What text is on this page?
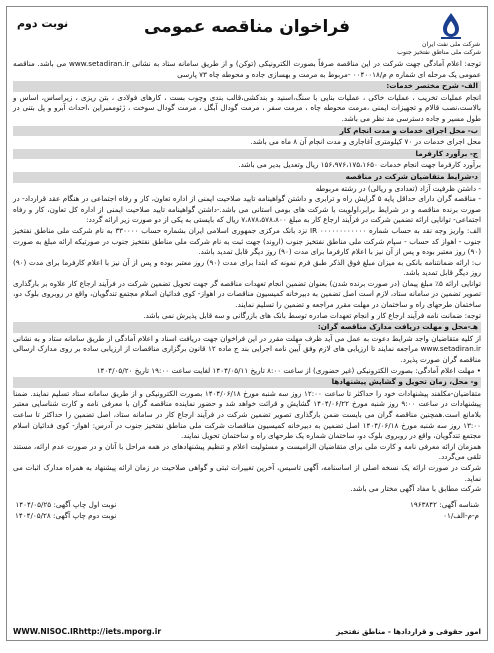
شرکت ملی نفت ایران
شرکت ملی مناطق نفتخیز جنوب
فراخوان مناقصه عمومی
نوبت دوم

توجه: اعلام آمادگی جهت شرکت در این مناقصه صرفاً بصورت الکترونیکی (توکن) و از طریق سامانه ستاد به نشانی www.setadiran.ir می باشد. مناقصه عمومی یک مرحله ای شماره م م/۰۰۴۰۰۱۸ -مربوط به مرمت و بهسازی جاده و محوطه چاه ۷۳ پارسی

الف- شرح مختصر خدمات:

انجام عملیات تخریب ، عملیات خاکی ، عملیات بنایی با سنگ،اسنید و بندکشی،قالب بندی وچوب بست ، کارهای فولادی ، بتن ریزی ، زیراساس، اساس و بالاست،نصب قالام و تجهیزات ایمنی ،مرمت محوطه چاه ، مرمت سفر ، مرمت گودال آبگل ، مرمت گودال سوخت ، ژئوممبراین ،احداث آبرو و پل بتنی در طول مسیر و جاده دسترسی مد نظر می باشد.

ب- محل اجرای خدمات و مدت انجام کار

محل اجرای خدمات در ۷۰ کیلومتری آغاجاری و مدت انجام آن ۸ ماه می باشد.

ج- برآورد کارفرما

برآورد کارفرما جهت انجام خدمات ۱۵۶،۹۷۶،۱۷۵،۱۶۵۰ ریال وتعدیل بدیر می باشد.

د-شرایط متقاضیان شرکت در مناقصه

- داشتن ظرفیت آزاد (تعدادی و ریالی) در رشته مربوطه

- مناقصه گران دارای حداقل پایه ۵ گرایش راه و ترابری و داشتن گواهینامه تایید صلاحیت ایمنی از اداره تعاون، کار و رفاه اجتماعی در هنگام عقد قرارداد- در صورت برنده مناقصه و در شرایط برابر،اولویت با شرکت های بومی استانی می باشد.-داشتن گواهینامه تایید صلاحیت ایمنی از اداره کل تعاون، کار و رفاه اجتماعی- توانایی ارائه تضمین شرکت در فرآیند ارجاع کار به مبلغ ۷،۸۷۸،۵۷۸،۸۰۰ ریال که بایستی به یکی از دو صورت زیر ارائه گردد:

الف: واریز وجه نقد به حساب شماره ۰۰۰۰۰۰۰۰۰۰۰۰ IR نزد بانک مرکزی جمهوری اسلامی ایران بشماره حساب ۳۳۰۰۰۰ به نام شرکت ملی مناطق نفتخیز جنوب - اهواز کد حساب - سپام شرکت ملی مناطق نفتخیز جنوب (اروند) جهت ثبت به نام شرکت ملی مناطق نفتخیز جنوب در صورتیکه ارائه مبلغ به صورت (۹۰) روز معتبر بوده و پس از آن نیز با اعلام کارفرما برای مدت (۹۰) روز دیگر قابل تمدید باشد.

ب: ارائه ضمانتنامه بانکی به میزان مبلغ فوق الذکر طبق فرم نمونه که ابتدا برای مدت (۹۰) روز معتبر بوده و پس از آن نیز با اعلام کارفرما برای مدت (۹۰) روز دیگر قابل تمدید باشد.

توانایی ارائه ۵٪ مبلغ پیمان (در صورت برنده شدن) بعنوان تضمین انجام تعهدات مناقصه گر جهت تحویل تضمین شرکت در فرآیند ارجاع کار علاوه بر بارگذاری تصویر تضمین در سامانه ستاد، لازم است اصل تضمین به دبیرخانه کمیسیون مناقصات در اهواز- کوی فدائیان اسلام مجتمع تندگویان، واقع در روبروی بلوک دو، ساختمان طرحهای راه و ساختمان در مهلت مقرر مراجعه و تضمین را تسلیم نمایند.

توجه: ضمانت نامه فرآیند ارجاع کار و انجام تعهدات صادره توسط بانک های بازرگانی و سه قابل پذیرش نمی باشد.

هـ-محل و مهلت دریافت مدارک مناقصه گران:

از کلیه متقاضیان واجد شرایط دعوت به عمل می آید ظرف مهلت مقرر در این فراخوان جهت دریافت اسناد و اعلام آمادگی از طریق سامانه ستاد و به نشانی www.setadiran.ir مراجعه نمایند تا ارزیابی های لازم وفق آیین نامه اجرایی بند ج ماده ۱۲ قانون برگزاری مناقصات از ارزیابی ساده بر روی مدارک ارسالی مناقصه گران صورت پذیرد.

• مهلت اعلام آمادگی: بصورت الکترونیکی (غیر حضوری) از ساعت ۸:۰۰ تاریخ ۱۴۰۴/۰۵/۱۱ لغایت ساعت ۱۹:۰۰ تاریخ ۱۴۰۴/۰۵/۲۰

و- محل، زمان تحویل و گشایش پیشنهادها

متقاضیان-مکلفند پیشنهادات خود را حداکثر تا ساعت ۱۲:۰۰ روز سه شنبه مورخ ۱۴۰۴/۰۶/۱۸ بصورت الکترونیکی و از طریق سامانه ستاد تسلیم نمایند. ضمنا پیشنهادات در ساعت ۹:۰۰ روز شنبه مورخ ۱۴۰۴/۰۶/۲۲ گشایش و قرائت خواهد شد و حضور نماینده مناقصه گران با معرفی نامه و کارت شناسایی معتبر بلامانع است.همچنین مناقصه گران می بایست ضمن بارگذاری تصویر تضمین شرکت در فرآیند ارجاع کار در سامانه ستاد، اصل تضمین را حداکثر تا ساعت ۱۳:۰۰ روز سه شنبه مورخ ۱۴۰۴/۰۶/۱۸ اصل تضمین به دبیرخانه کمیسیون مناقصات شرکت ملی مناطق نفتخیز جنوب در آدرس: اهواز- کوی فدائیان اسلام مجتمع تندگویان، واقع در روبروی بلوک دو، ساختمان شماره یک طرحهای راه و ساختمان تحویل نمایند.

همزمان ارائه معرفی نامه و کارت ملی برای متقاضیان الزامیست و مسئولیت اعلام و تنظیم پیشنهادهای در همه مراحل با آنان و در صورت عدم ارائه، مستند تلقی می‌گردد.

شرکت در صورت ارائه یک نسخه اصلی از اساسنامه، آگهی تاسیس، آخرین تغییرات ثبتی و گواهی صلاحیت در زمان ارائه پیشنهاد به همراه مدارک اثبات می نماید.

شرکت مطابق با مفاد آگهی مختار می باشد.

شناسه آگهی: ۱۹۶۳۸۴۲
م-م-الف/۰۱
نوبت اول چاپ آگهی: ۱۴۰۴/۰۵/۲۵
نوبت دوم چاپ آگهی: ۱۴۰۴/۰۵/۲۸
امور حقوقی و قراردادها - مناطق نفتخیز
WWW.NISOC.IRhttp://iets.mporg.ir
